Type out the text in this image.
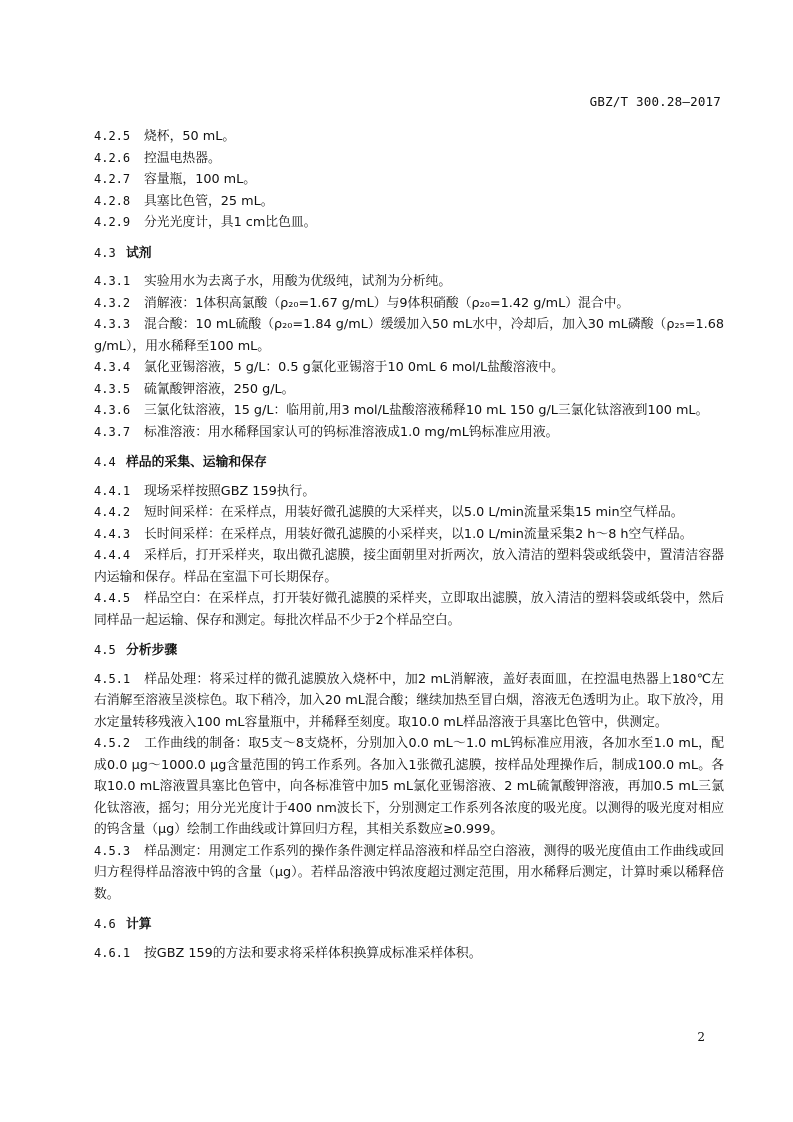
GBZ/T 300.28—2017
4.2.5 烧杯，50 mL。
4.2.6 控温电热器。
4.2.7 容量瓶，100 mL。
4.2.8 具塞比色管，25 mL。
4.2.9 分光光度计，具1 cm比色皿。
4.3 试剂
4.3.1 实验用水为去离子水，用酸为优级纯，试剂为分析纯。
4.3.2 消解液：1体积高氯酸（ρ₂₀=1.67 g/mL）与9体积硝酸（ρ₂₀=1.42 g/mL）混合中。
4.3.3 混合酸：10 mL硫酸（ρ₂₀=1.84 g/mL）缓缓加入50 mL水中，冷却后，加入30 mL磷酸（ρ₂₅=1.68 g/mL），用水稀释至100 mL。
4.3.4 氯化亚锡溶液，5 g/L：0.5 g氯化亚锡溶于10 0mL 6 mol/L盐酸溶液中。
4.3.5 硫氰酸钾溶液，250 g/L。
4.3.6 三氯化钛溶液，15 g/L：临用前,用3 mol/L盐酸溶液稀释10 mL 150 g/L三氯化钛溶液到100 mL。
4.3.7 标准溶液：用水稀释国家认可的钨标准溶液成1.0 mg/mL钨标准应用液。
4.4 样品的采集、运输和保存
4.4.1 现场采样按照GBZ 159执行。
4.4.2 短时间采样：在采样点，用装好微孔滤膜的大采样夹，以5.0 L/min流量采集15 min空气样品。
4.4.3 长时间采样：在采样点，用装好微孔滤膜的小采样夹，以1.0 L/min流量采集2 h～8 h空气样品。
4.4.4 采样后，打开采样夹，取出微孔滤膜，接尘面朝里对折两次，放入清洁的塑料袋或纸袋中，置清洁容器内运输和保存。样品在室温下可长期保存。
4.4.5 样品空白：在采样点，打开装好微孔滤膜的采样夹，立即取出滤膜，放入清洁的塑料袋或纸袋中，然后同样品一起运输、保存和测定。每批次样品不少于2个样品空白。
4.5 分析步骤
4.5.1 样品处理：将采过样的微孔滤膜放入烧杯中，加2 mL消解液，盖好表面皿，在控温电热器上180℃左右消解至溶液呈淡棕色。取下稍冷，加入20 mL混合酸；继续加热至冒白烟，溶液无色透明为止。取下放冷，用水定量转移残液入100 mL容量瓶中，并稀释至刻度。取10.0 mL样品溶液于具塞比色管中，供测定。
4.5.2 工作曲线的制备：取5支～8支烧杯，分别加入0.0 mL～1.0 mL钨标准应用液，各加水至1.0 mL，配成0.0 μg～1000.0 μg含量范围的钨工作系列。各加入1张微孔滤膜，按样品处理操作后，制成100.0 mL。各取10.0 mL溶液置具塞比色管中，向各标准管中加5 mL氯化亚锡溶液、2 mL硫氰酸钾溶液，再加0.5 mL三氯化钛溶液，摇匀；用分光光度计于400 nm波长下，分别测定工作系列各浓度的吸光度。以测得的吸光度对相应的钨含量（μg）绘制工作曲线或计算回归方程，其相关系数应≥0.999。
4.5.3 样品测定：用测定工作系列的操作条件测定样品溶液和样品空白溶液，测得的吸光度值由工作曲线或回归方程得样品溶液中钨的含量（μg）。若样品溶液中钨浓度超过测定范围，用水稀释后测定，计算时乘以稀释倍数。
4.6 计算
4.6.1 按GBZ 159的方法和要求将采样体积换算成标准采样体积。
2
